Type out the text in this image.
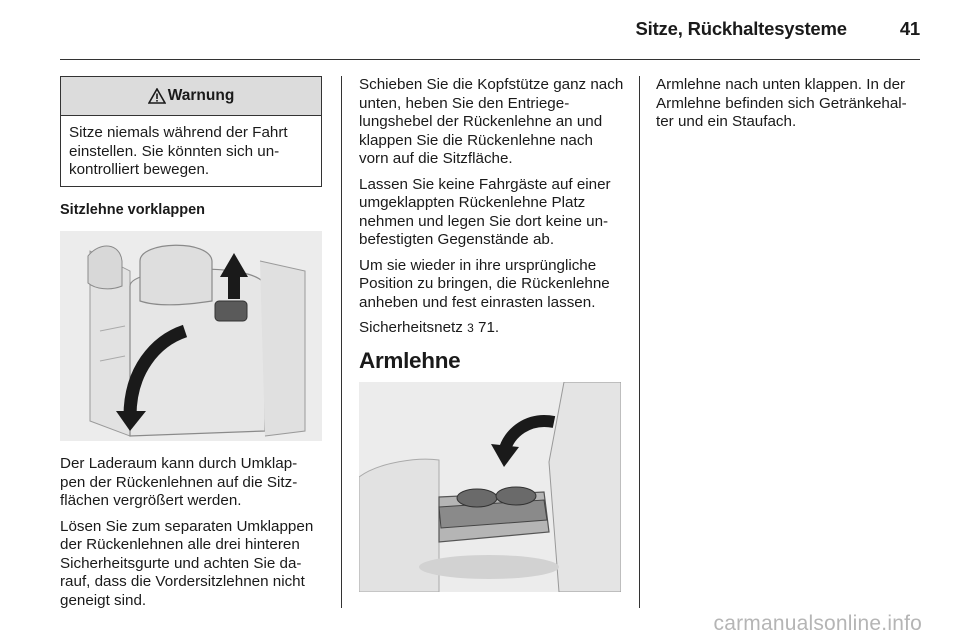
Sitze, Rückhaltesysteme	41
Warnung
Sitze niemals während der Fahrt einstellen. Sie könnten sich un- kontrolliert bewegen.
Sitzlehne vorklappen

Der Laderaum kann durch Umklap- pen der Rückenlehnen auf die Sitz- flächen vergrößert werden.

Lösen Sie zum separaten Umklappen der Rückenlehnen alle drei hinteren Sicherheitsgurte und achten Sie da- rauf, dass die Vordersitzlehnen nicht geneigt sind.

Schieben Sie die Kopfstütze ganz nach unten, heben Sie den Entriege- lungshebel der Rückenlehne an und klappen Sie die Rückenlehne nach vorn auf die Sitzfläche.

Lassen Sie keine Fahrgäste auf einer umgeklappten Rückenlehne Platz nehmen und legen Sie dort keine un- befestigten Gegenstände ab.

Um sie wieder in ihre ursprüngliche Position zu bringen, die Rückenlehne anheben und fest einrasten lassen.

Sicherheitsnetz 3 71.

Armlehne

Armlehne nach unten klappen. In der Armlehne befinden sich Getränkehal- ter und ein Staufach.

carmanualsonline.info
